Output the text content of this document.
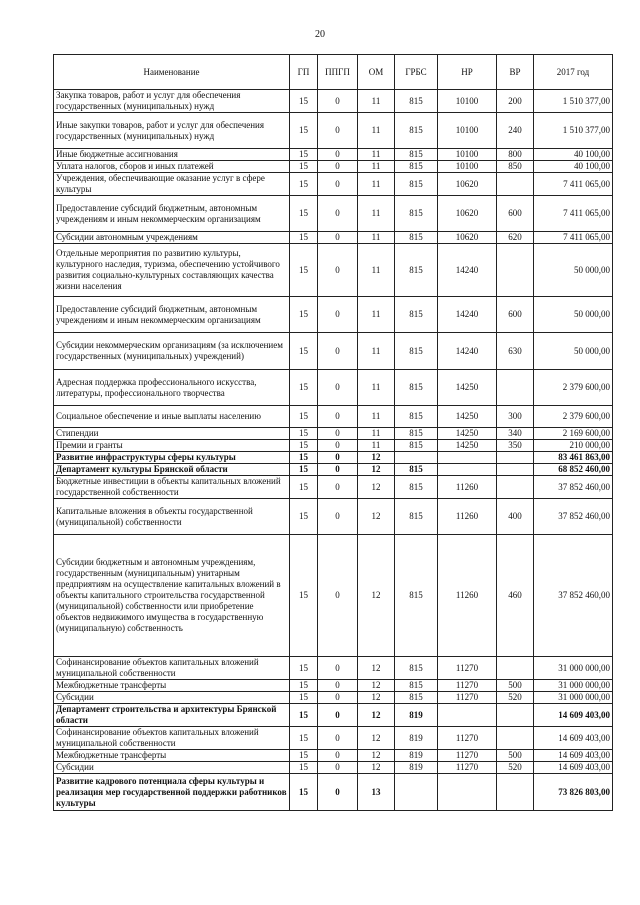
20
Наименование	ГП	ППГП	ОМ	ГРБС	НР	ВР	2017 год
Закупка товаров, работ и услуг для обеспечения государственных (муниципальных) нужд	15	0	11	815	10100	200	1 510 377,00
Иные закупки товаров, работ и услуг для обеспечения государственных (муниципальных) нужд	15	0	11	815	10100	240	1 510 377,00
Иные бюджетные ассигнования	15	0	11	815	10100	800	40 100,00
Уплата налогов, сборов и иных платежей	15	0	11	815	10100	850	40 100,00
Учреждения, обеспечивающие оказание услуг в сфере культуры	15	0	11	815	10620		7 411 065,00
Предоставление субсидий бюджетным, автономным учреждениям и иным некоммерческим организациям	15	0	11	815	10620	600	7 411 065,00
Субсидии автономным учреждениям	15	0	11	815	10620	620	7 411 065,00
Отдельные мероприятия по развитию культуры, культурного наследия, туризма, обеспечению устойчивого развития социально-культурных составляющих качества жизни населения	15	0	11	815	14240		50 000,00
Предоставление субсидий бюджетным, автономным учреждениям и иным некоммерческим организациям	15	0	11	815	14240	600	50 000,00
Субсидии некоммерческим организациям (за исключением государственных (муниципальных) учреждений)	15	0	11	815	14240	630	50 000,00
Адресная поддержка профессионального искусства, литературы, профессионального творчества	15	0	11	815	14250		2 379 600,00
Социальное обеспечение и иные выплаты населению	15	0	11	815	14250	300	2 379 600,00
Стипендии	15	0	11	815	14250	340	2 169 600,00
Премии и гранты	15	0	11	815	14250	350	210 000,00
Развитие инфраструктуры сферы культуры	15	0	12				83 461 863,00
Департамент культуры Брянской области	15	0	12	815			68 852 460,00
Бюджетные инвестиции в объекты капитальных вложений государственной собственности	15	0	12	815	11260		37 852 460,00
Капитальные вложения в объекты государственной (муниципальной) собственности	15	0	12	815	11260	400	37 852 460,00
Субсидии бюджетным и автономным учреждениям, государственным (муниципальным) унитарным предприятиям на осуществление капитальных вложений в объекты капитального строительства государственной (муниципальной) собственности или приобретение объектов недвижимого имущества в государственную (муниципальную) собственность	15	0	12	815	11260	460	37 852 460,00
Софинансирование объектов капитальных вложений муниципальной собственности	15	0	12	815	11270		31 000 000,00
Межбюджетные трансферты	15	0	12	815	11270	500	31 000 000,00
Субсидии	15	0	12	815	11270	520	31 000 000,00
Департамент строительства и архитектуры Брянской области	15	0	12	819			14 609 403,00
Софинансирование объектов капитальных вложений муниципальной собственности	15	0	12	819	11270		14 609 403,00
Межбюджетные трансферты	15	0	12	819	11270	500	14 609 403,00
Субсидии	15	0	12	819	11270	520	14 609 403,00
Развитие кадрового потенциала сферы культуры и реализация мер государственной поддержки работников культуры	15	0	13				73 826 803,00
